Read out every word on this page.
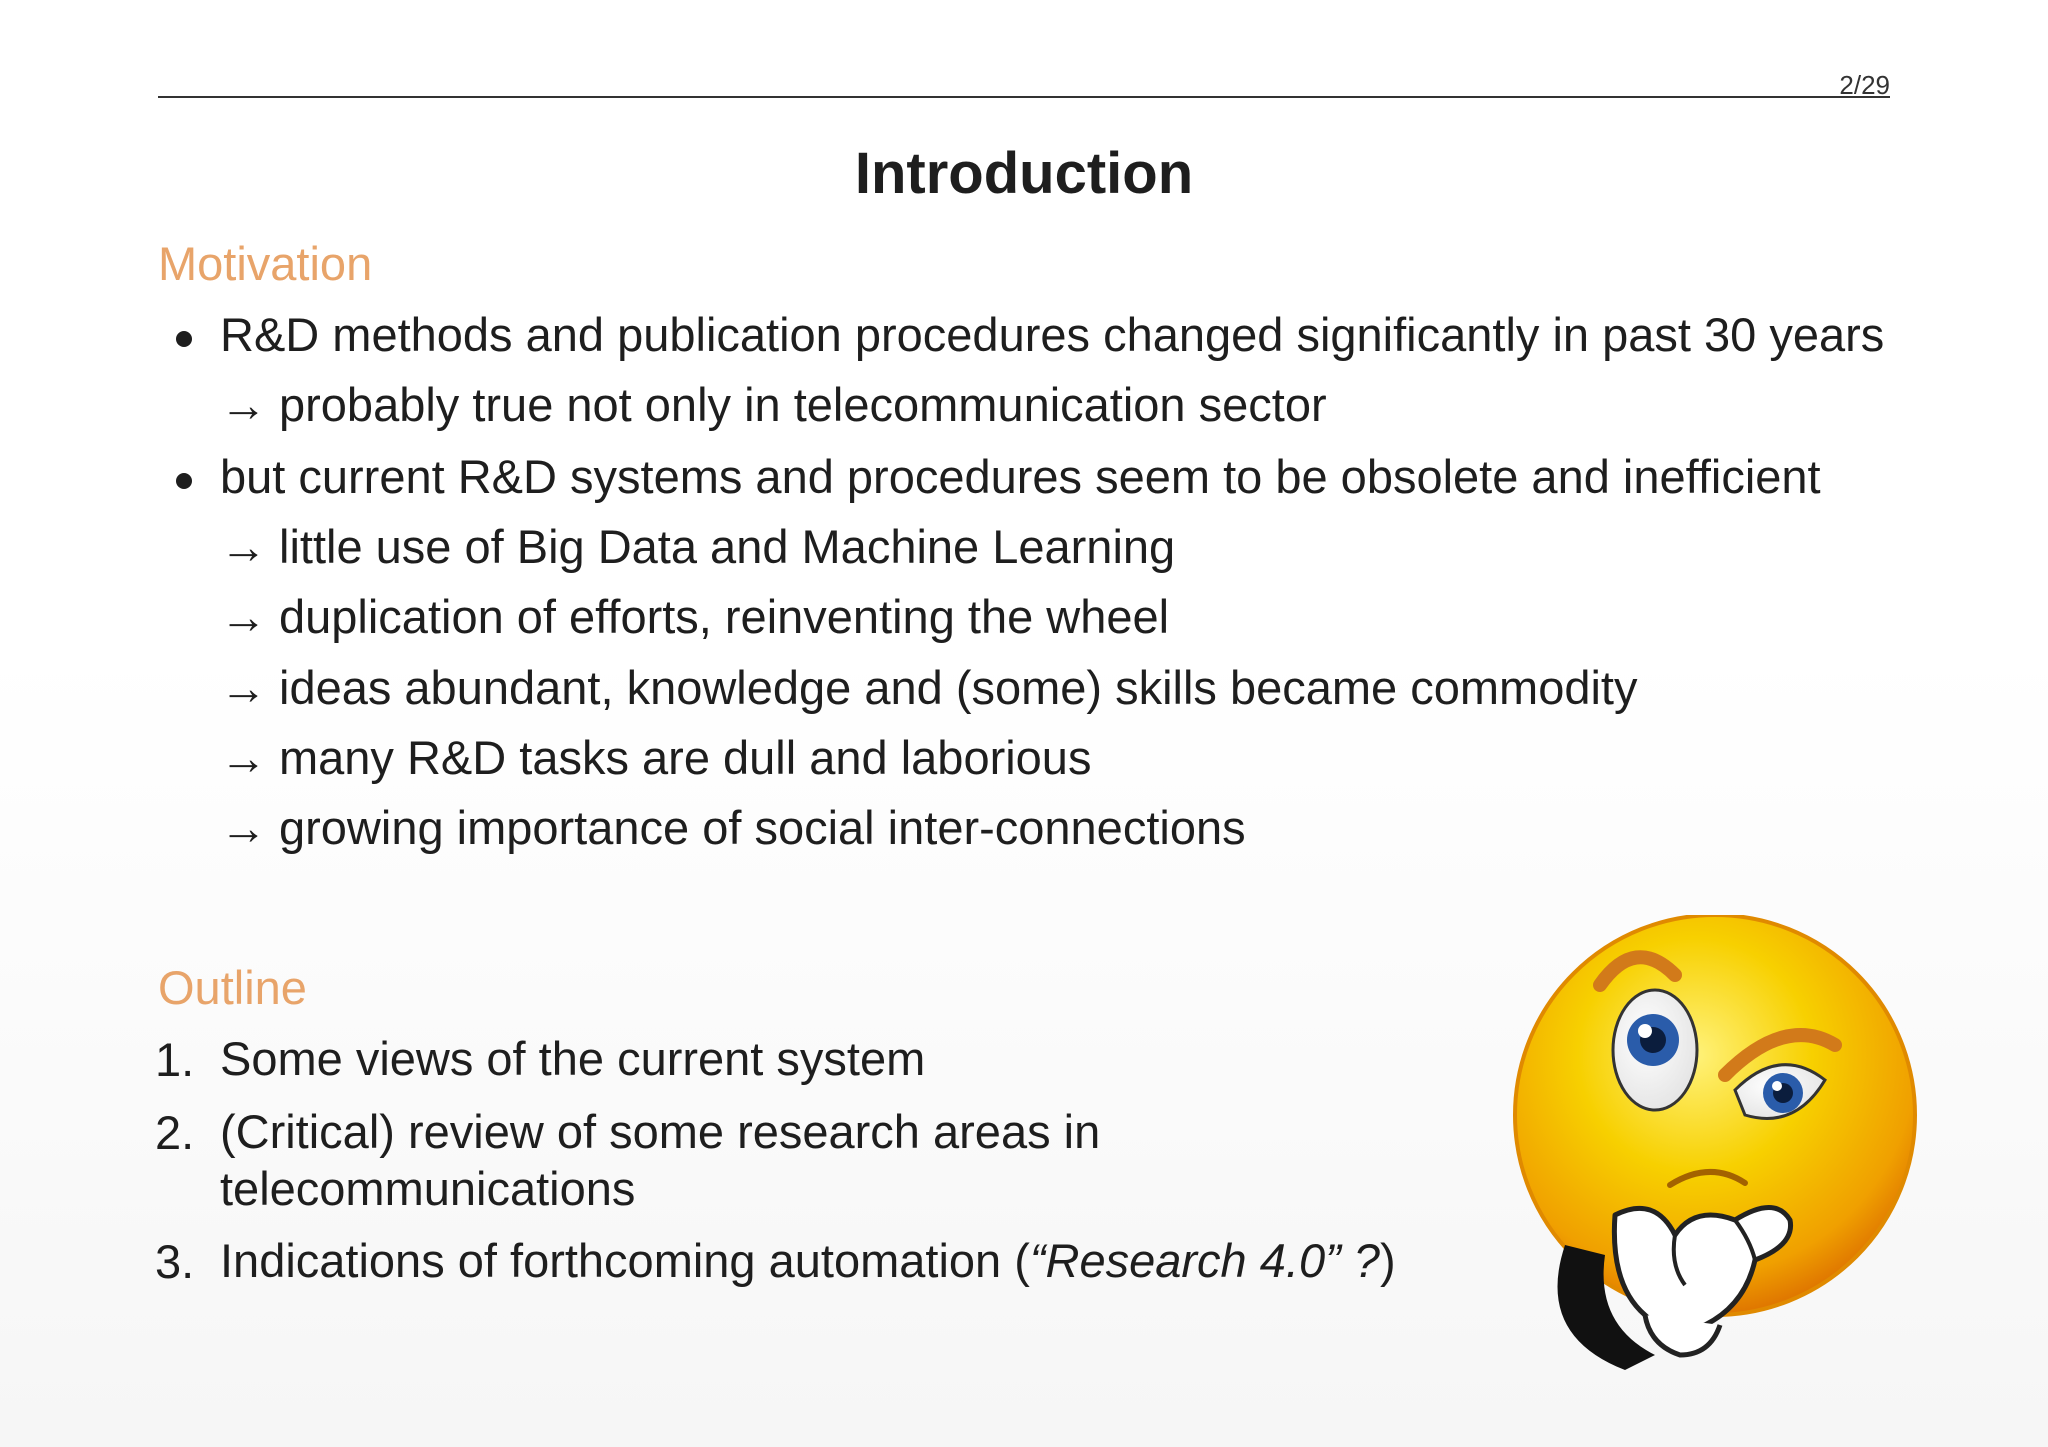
2/29
Introduction
Motivation
R&D methods and publication procedures changed significantly in past 30 years
→ probably true not only in telecommunication sector
but current R&D systems and procedures seem to be obsolete and inefficient
→ little use of Big Data and Machine Learning
→ duplication of efforts, reinventing the wheel
→ ideas abundant, knowledge and (some) skills became commodity
→ many R&D tasks are dull and laborious
→ growing importance of social inter-connections
Outline
1. Some views of the current system
2. (Critical) review of some research areas in
telecommunications
3. Indications of forthcoming automation (“Research 4.0” ?)
